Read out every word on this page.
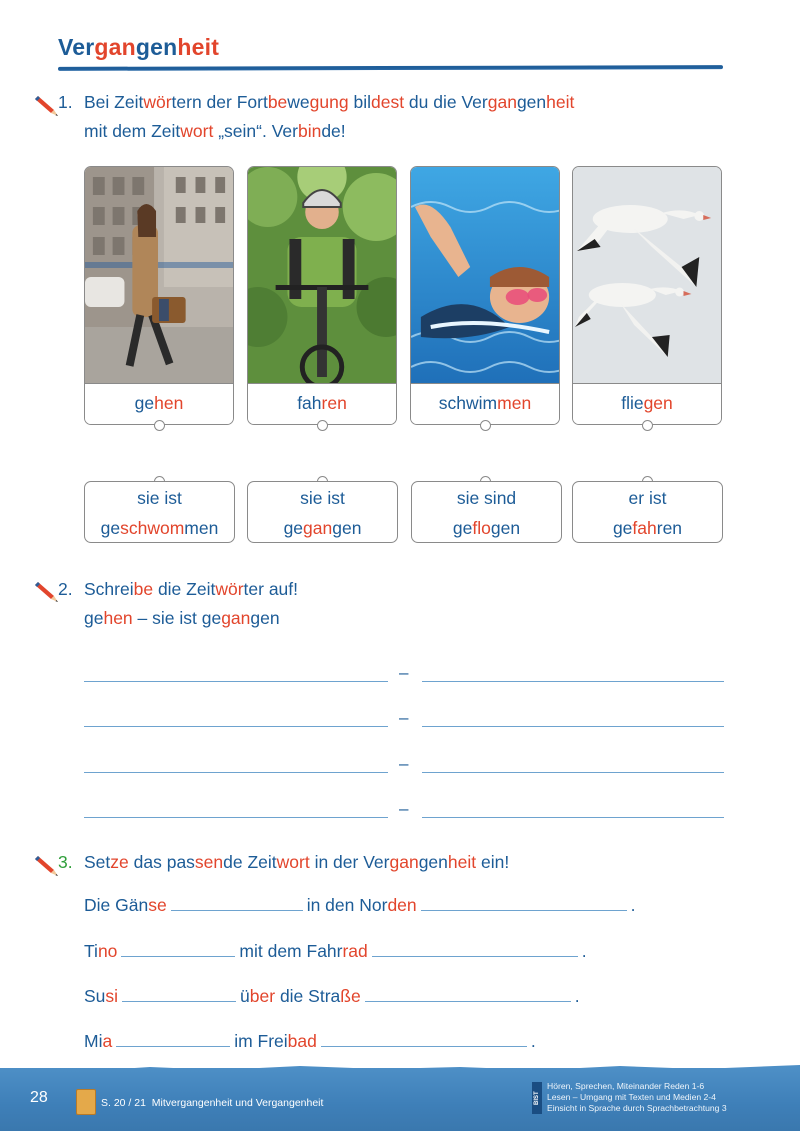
Vergangenheit
1. Bei Zeitwörtern der Fortbewegung bildest du die Vergangenheit
mit dem Zeitwort „sein“. Verbinde!
gehen	fahren	schwimmen	fliegen
sie ist
geschwommen
sie ist
gegangen
sie sind
geflogen
er ist
gefahren
2. Schreibe die Zeitwörter auf!
gehen – sie ist gegangen
–
–
–
–
3. Setze das passende Zeitwort in der Vergangenheit ein!
Die Gänse	in den Norden	.
Tino	mit dem Fahrrad	.
Susi	über die Straße	.
Mia	im Freibad	.
28	S. 20 / 21 Mitvergangenheit und Vergangenheit	BIST
Hören, Sprechen, Miteinander Reden 1-6
Lesen – Umgang mit Texten und Medien 2-4
Einsicht in Sprache durch Sprachbetrachtung 3
